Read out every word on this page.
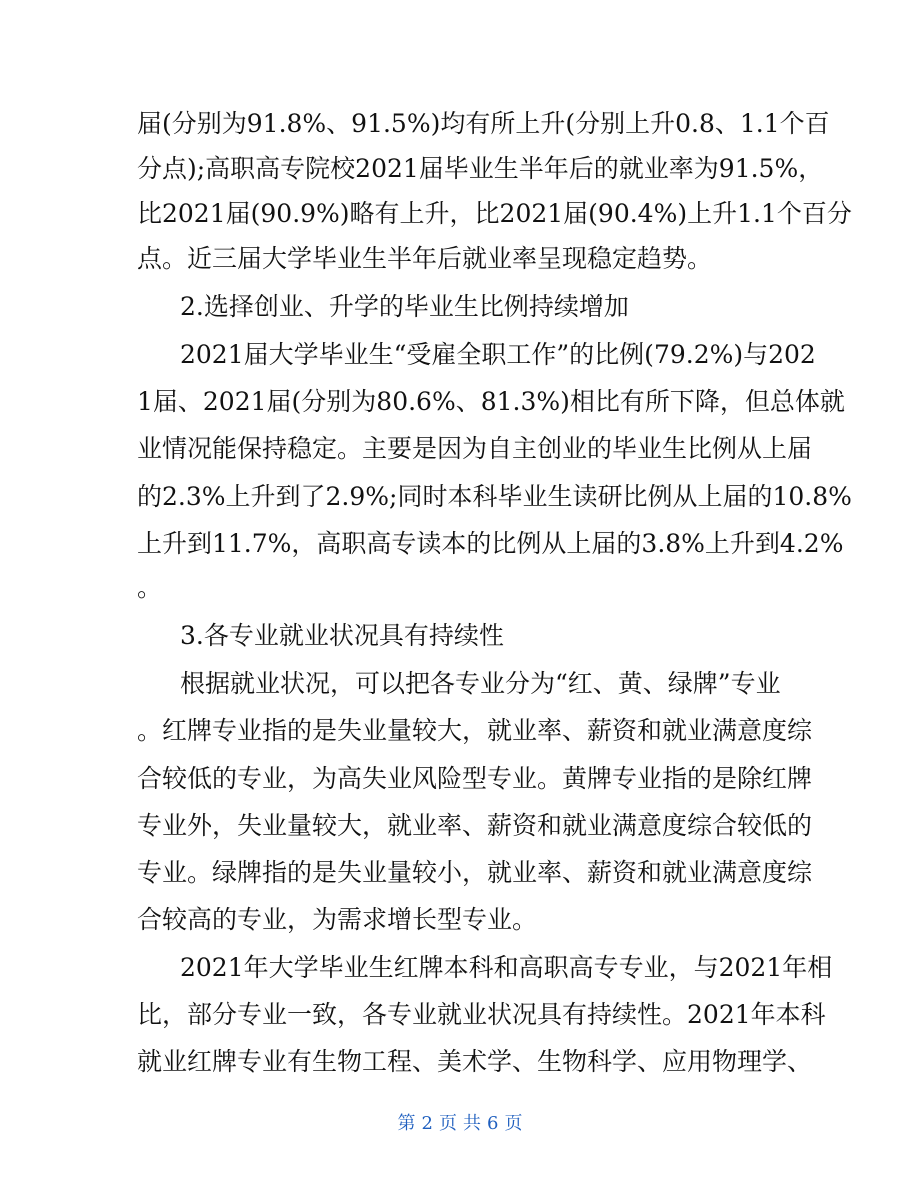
届(分别为91.8%、91.5%)均有所上升(分别上升0.8、1.1个百
分点);高职高专院校2021届毕业生半年后的就业率为91.5%，
比2021届(90.9%)略有上升，比2021届(90.4%)上升1.1个百分
点。近三届大学毕业生半年后就业率呈现稳定趋势。
2.选择创业、升学的毕业生比例持续增加
2021届大学毕业生“受雇全职工作”的比例(79.2%)与202
1届、2021届(分别为80.6%、81.3%)相比有所下降，但总体就
业情况能保持稳定。主要是因为自主创业的毕业生比例从上届
的2.3%上升到了2.9%;同时本科毕业生读研比例从上届的10.8%
上升到11.7%，高职高专读本的比例从上届的3.8%上升到4.2%
。
3.各专业就业状况具有持续性
根据就业状况，可以把各专业分为“红、黄、绿牌”专业
。红牌专业指的是失业量较大，就业率、薪资和就业满意度综
合较低的专业，为高失业风险型专业。黄牌专业指的是除红牌
专业外，失业量较大，就业率、薪资和就业满意度综合较低的
专业。绿牌指的是失业量较小，就业率、薪资和就业满意度综
合较高的专业，为需求增长型专业。
2021年大学毕业生红牌本科和高职高专专业，与2021年相
比，部分专业一致，各专业就业状况具有持续性。2021年本科
就业红牌专业有生物工程、美术学、生物科学、应用物理学、
第 2 页 共 6 页
